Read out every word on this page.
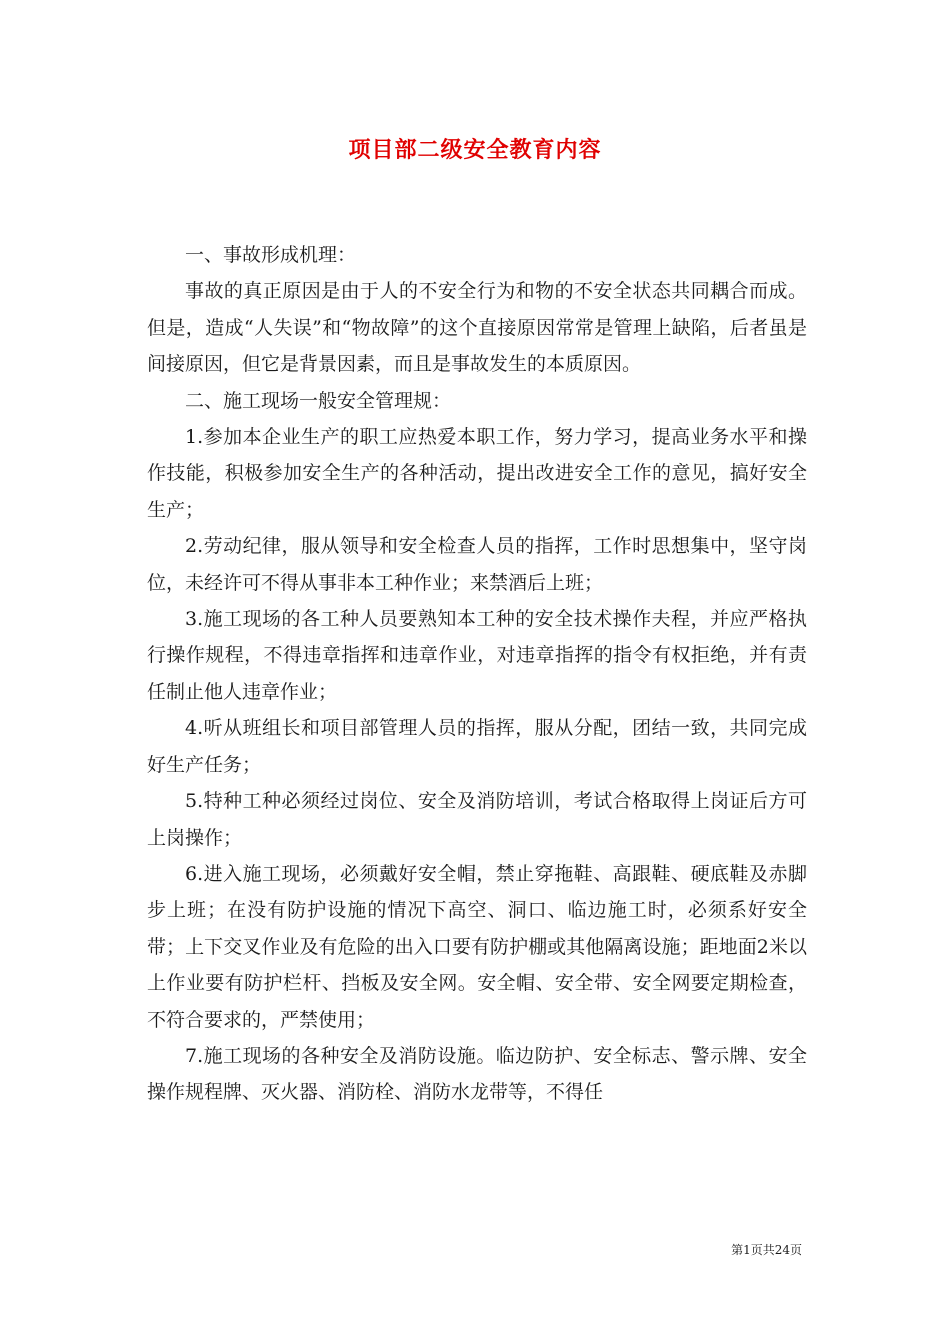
项目部二级安全教育内容

一、事故形成机理：

事故的真正原因是由于人的不安全行为和物的不安全状态共同耦合而成。但是，造成“人失误”和“物故障”的这个直接原因常常是管理上缺陷，后者虽是间接原因，但它是背景因素，而且是事故发生的本质原因。

二、施工现场一般安全管理规：

1.参加本企业生产的职工应热爱本职工作，努力学习，提高业务水平和操作技能，积极参加安全生产的各种活动，提出改进安全工作的意见，搞好安全生产；

2.劳动纪律，服从领导和安全检查人员的指挥，工作时思想集中，坚守岗位，未经许可不得从事非本工种作业；来禁酒后上班；

3.施工现场的各工种人员要熟知本工种的安全技术操作夫程，并应严格执行操作规程，不得违章指挥和违章作业，对违章指挥的指令有权拒绝，并有责任制止他人违章作业；

4.听从班组长和项目部管理人员的指挥，服从分配，团结一致，共同完成好生产任务；

5.特种工种必须经过岗位、安全及消防培训，考试合格取得上岗证后方可上岗操作；

6.进入施工现场，必须戴好安全帽，禁止穿拖鞋、高跟鞋、硬底鞋及赤脚步上班；在没有防护设施的情况下高空、洞口、临边施工时，必须系好安全带；上下交叉作业及有危险的出入口要有防护棚或其他隔离设施；距地面2米以上作业要有防护栏杆、挡板及安全网。安全帽、安全带、安全网要定期检查，不符合要求的，严禁使用；

7.施工现场的各种安全及消防设施。临边防护、安全标志、警示牌、安全操作规程牌、灭火器、消防栓、消防水龙带等，不得任

第1页共24页
